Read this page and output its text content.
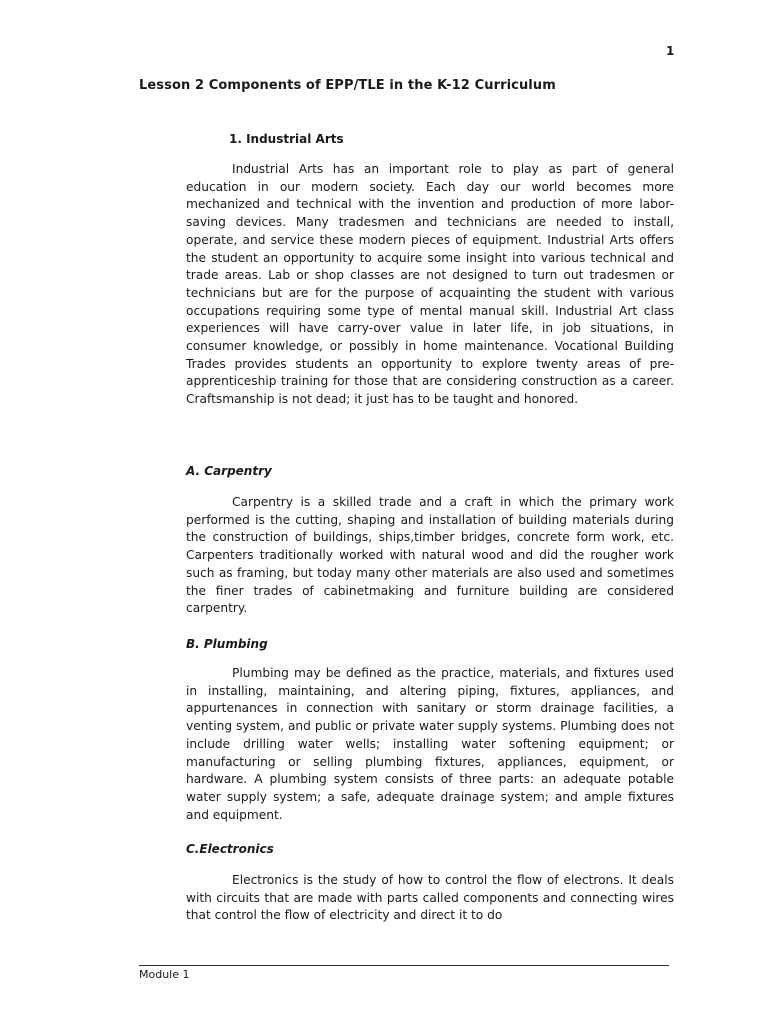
1
Lesson 2 Components of EPP/TLE in the K-12 Curriculum
1. Industrial Arts

Industrial Arts has an important role to play as part of general education in our modern society. Each day our world becomes more mechanized and technical with the invention and production of more labor-saving devices. Many tradesmen and technicians are needed to install, operate, and service these modern pieces of equipment. Industrial Arts offers the student an opportunity to acquire some insight into various technical and trade areas. Lab or shop classes are not designed to turn out tradesmen or technicians but are for the purpose of acquainting the student with various occupations requiring some type of mental manual skill. Industrial Art class experiences will have carry-over value in later life, in job situations, in consumer knowledge, or possibly in home maintenance. Vocational Building Trades provides students an opportunity to explore twenty areas of pre-apprenticeship training for those that are considering construction as a career. Craftsmanship is not dead; it just has to be taught and honored.

A. Carpentry

Carpentry is a skilled trade and a craft in which the primary work performed is the cutting, shaping and installation of building materials during the construction of buildings, ships,timber bridges, concrete form work, etc. Carpenters traditionally worked with natural wood and did the rougher work such as framing, but today many other materials are also used and sometimes the finer trades of cabinetmaking and furniture building are considered carpentry.

B. Plumbing

Plumbing may be defined as the practice, materials, and fixtures used in installing, maintaining, and altering piping, fixtures, appliances, and appurtenances in connection with sanitary or storm drainage facilities, a venting system, and public or private water supply systems. Plumbing does not include drilling water wells; installing water softening equipment; or manufacturing or selling plumbing fixtures, appliances, equipment, or hardware. A plumbing system consists of three parts: an adequate potable water supply system; a safe, adequate drainage system; and ample fixtures and equipment.

C.Electronics

Electronics is the study of how to control the flow of electrons. It deals with circuits that are made with parts called components and connecting wires that control the flow of electricity and direct it to do

Module 1
